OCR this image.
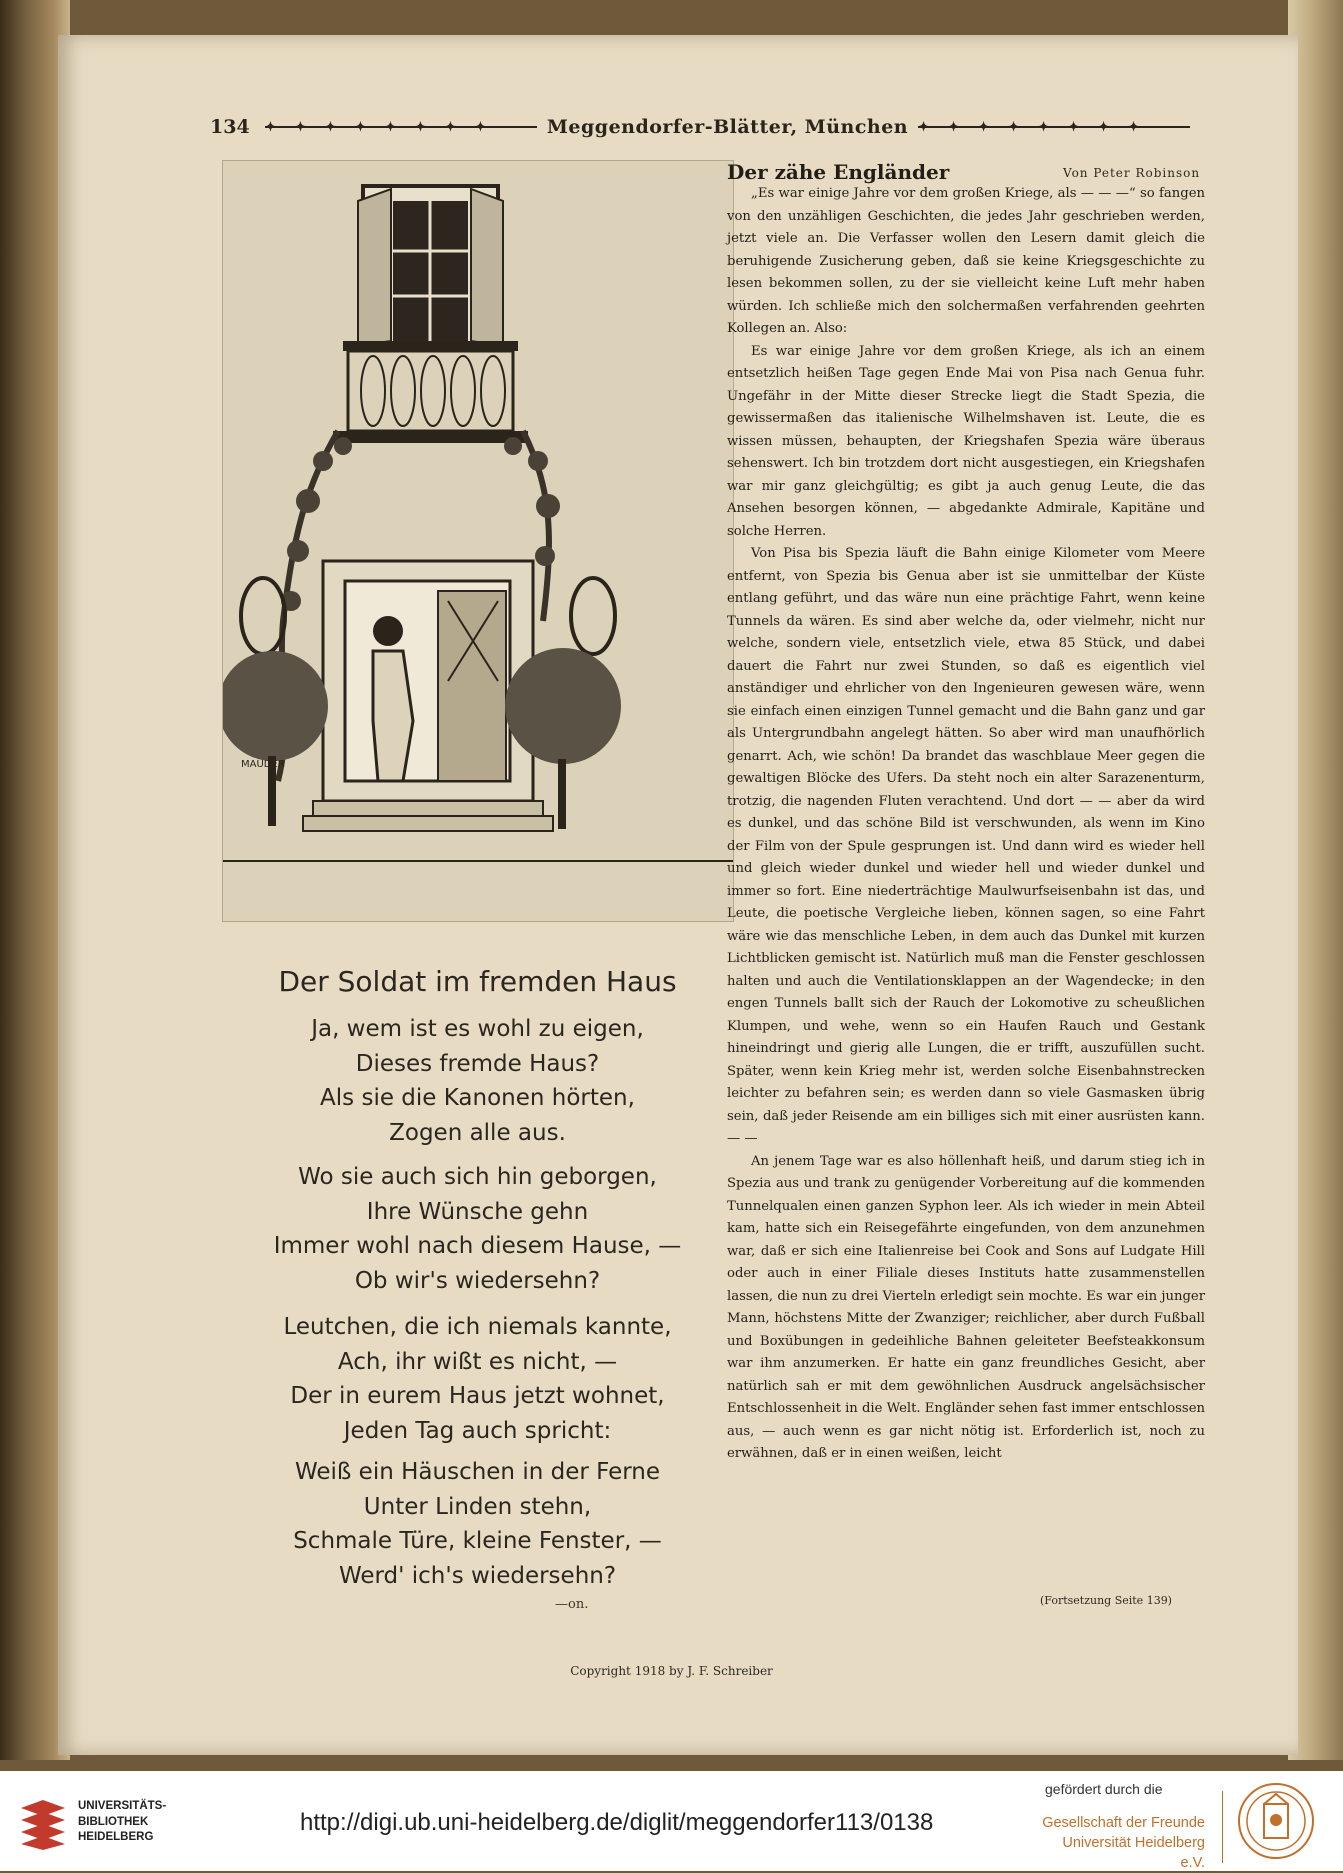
134	✦ ✦ ✦ ✦ ✦ ✦ ✦ ✦	Meggendorfer-Blätter, München ✦ ✦ ✦ ✦ ✦ ✦ ✦ ✦
MAUDER
Der Soldat im fremden Haus
Ja, wem ist es wohl zu eigen,
Dieses fremde Haus?
Als sie die Kanonen hörten,
Zogen alle aus.
Wo sie auch sich hin geborgen,
Ihre Wünsche gehn
Immer wohl nach diesem Hause, —
Ob wir's wiedersehn?
Leutchen, die ich niemals kannte,
Ach, ihr wißt es nicht, —
Der in eurem Haus jetzt wohnet,
Jeden Tag auch spricht:
Weiß ein Häuschen in der Ferne
Unter Linden stehn,
Schmale Türe, kleine Fenster, —
Werd' ich's wiedersehn?
—on.
Der zähe Engländer	Von Peter Robinson

„Es war einige Jahre vor dem großen Kriege, als — — —“ so fangen von den unzähligen Geschichten, die jedes Jahr geschrieben werden, jetzt viele an. Die Verfasser wollen den Lesern damit gleich die beruhigende Zusicherung geben, daß sie keine Kriegsgeschichte zu lesen bekommen sollen, zu der sie vielleicht keine Luft mehr haben würden. Ich schließe mich den solchermaßen verfahrenden geehrten Kollegen an. Also:

Es war einige Jahre vor dem großen Kriege, als ich an einem entsetzlich heißen Tage gegen Ende Mai von Pisa nach Genua fuhr. Ungefähr in der Mitte dieser Strecke liegt die Stadt Spezia, die gewissermaßen das italienische Wilhelmshaven ist. Leute, die es wissen müssen, behaupten, der Kriegshafen Spezia wäre überaus sehenswert. Ich bin trotzdem dort nicht ausgestiegen, ein Kriegshafen war mir ganz gleichgültig; es gibt ja auch genug Leute, die das Ansehen besorgen können, — abgedankte Admirale, Kapitäne und solche Herren.

Von Pisa bis Spezia läuft die Bahn einige Kilometer vom Meere entfernt, von Spezia bis Genua aber ist sie unmittelbar der Küste entlang geführt, und das wäre nun eine prächtige Fahrt, wenn keine Tunnels da wären. Es sind aber welche da, oder vielmehr, nicht nur welche, sondern viele, entsetzlich viele, etwa 85 Stück, und dabei dauert die Fahrt nur zwei Stunden, so daß es eigentlich viel anständiger und ehrlicher von den Ingenieuren gewesen wäre, wenn sie einfach einen einzigen Tunnel gemacht und die Bahn ganz und gar als Untergrundbahn angelegt hätten. So aber wird man unaufhörlich genarrt. Ach, wie schön! Da brandet das waschblaue Meer gegen die gewaltigen Blöcke des Ufers. Da steht noch ein alter Sarazenenturm, trotzig, die nagenden Fluten verachtend. Und dort — — aber da wird es dunkel, und das schöne Bild ist verschwunden, als wenn im Kino der Film von der Spule gesprungen ist. Und dann wird es wieder hell und gleich wieder dunkel und wieder hell und wieder dunkel und immer so fort. Eine niederträchtige Maulwurfseisenbahn ist das, und Leute, die poetische Vergleiche lieben, können sagen, so eine Fahrt wäre wie das menschliche Leben, in dem auch das Dunkel mit kurzen Lichtblicken gemischt ist. Natürlich muß man die Fenster geschlossen halten und auch die Ventilationsklappen an der Wagendecke; in den engen Tunnels ballt sich der Rauch der Lokomotive zu scheußlichen Klumpen, und wehe, wenn so ein Haufen Rauch und Gestank hineindringt und gierig alle Lungen, die er trifft, auszufüllen sucht. Später, wenn kein Krieg mehr ist, werden solche Eisenbahnstrecken leichter zu befahren sein; es werden dann so viele Gasmasken übrig sein, daß jeder Reisende am ein billiges sich mit einer ausrüsten kann. — —

An jenem Tage war es also höllenhaft heiß, und darum stieg ich in Spezia aus und trank zu genügender Vorbereitung auf die kommenden Tunnelqualen einen ganzen Syphon leer. Als ich wieder in mein Abteil kam, hatte sich ein Reisegefährte eingefunden, von dem anzunehmen war, daß er sich eine Italienreise bei Cook and Sons auf Ludgate Hill oder auch in einer Filiale dieses Instituts hatte zusammenstellen lassen, die nun zu drei Vierteln erledigt sein mochte. Es war ein junger Mann, höchstens Mitte der Zwanziger; reichlicher, aber durch Fußball und Boxübungen in gedeihliche Bahnen geleiteter Beefsteakkonsum war ihm anzumerken. Er hatte ein ganz freundliches Gesicht, aber natürlich sah er mit dem gewöhnlichen Ausdruck angelsächsischer Entschlossenheit in die Welt. Engländer sehen fast immer entschlossen aus, — auch wenn es gar nicht nötig ist. Erforderlich ist, noch zu erwähnen, daß er in einen weißen, leicht

(Fortsetzung Seite 139)
Copyright 1918 by J. F. Schreiber
UNIVERSITÄTS-
BIBLIOTHEK
HEIDELBERG
http://digi.ub.uni-heidelberg.de/diglit/meggendorfer113/0138
gefördert durch die
Gesellschaft der Freunde
Universität Heidelberg e.V.
